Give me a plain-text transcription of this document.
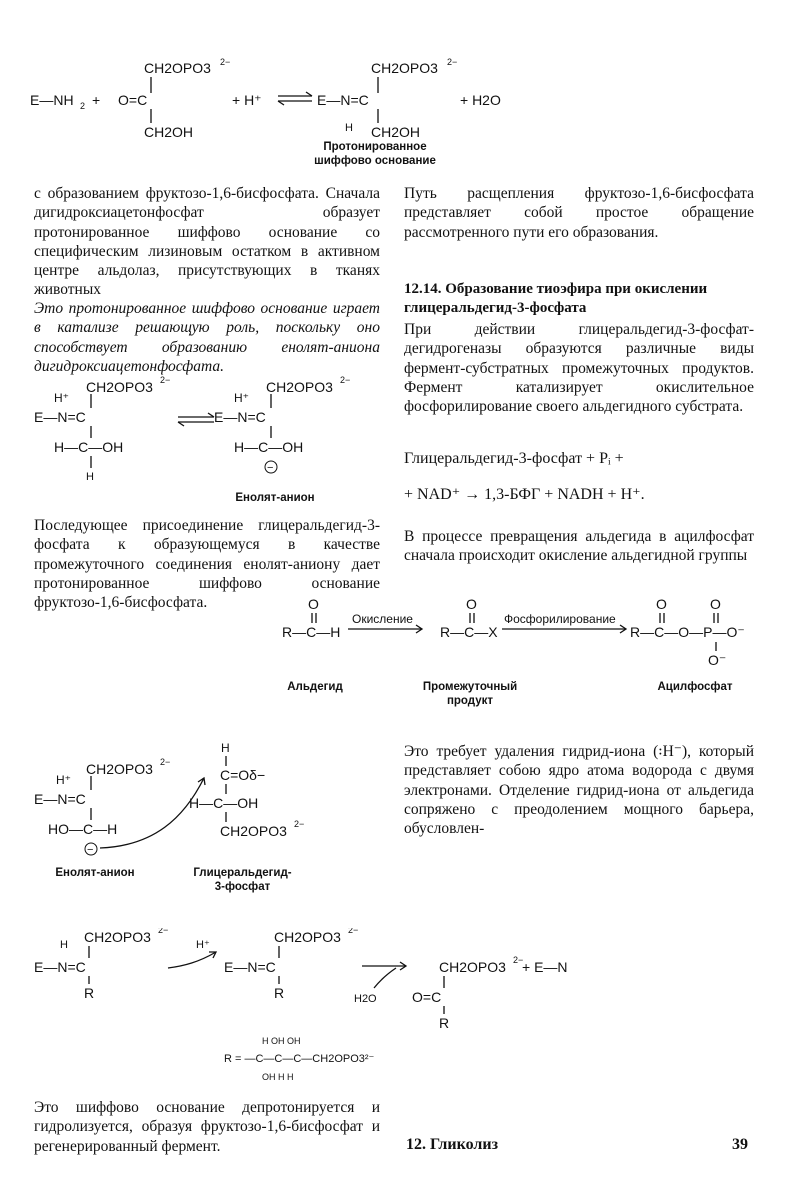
E—NH 2 + O=C
CH2OPO3 2−
CH2OH
+ H⁺	E—N=C
CH2OPO3 2−
H CH2OH
+ H2O
Протонированное
шиффово основание

с образованием фруктозо-1,6-бисфосфата. Сначала дигидроксиацетонфосфат образует протонированное шиффово основание со специфическим лизиновым остатком в активном центре альдолаз, присутствующих в тканях животных

Это протонированное шиффово основание играет в катализе решающую роль, поскольку оно способствует образованию енолят-аниона дигидроксиацетонфосфата.

H⁺
CH2OPO3 2−
E—N=C
H—C—OH
H
H⁺
CH2OPO3 2−
E—N=C
H—C—OH
−
Енолят-анион

Последующее присоединение глицеральдегид-3-фосфата к образующемуся в качестве промежуточного соединения енолят-аниону дает протонированное шиффово основание фруктозо-1,6-бисфосфата.

Путь расщепления фруктозо-1,6-бисфосфата представляет собой простое обращение рассмотренного пути его образования.

12.14. Образование тиоэфира при окислении глицеральдегид-3-фосфата

При действии глицеральдегид-3-фосфат-дегидрогеназы образуются различные виды фермент-субстратных промежуточных продуктов. Фермент катализирует окислительное фосфорилирование своего альдегидного субстрата.

Глицеральдегид-3-фосфат + Pᵢ +
+ NAD⁺ → 1,3-БФГ + NADH + H⁺.

В процессе превращения альдегида в ацилфосфат сначала происходит окисление альдегидной группы

O
R—C—H
Окисление
O
R—C—X
Фосфорилирование
O	O
R—C—O—P—O⁻
O⁻
Альдегид	Промежуточный
продукт
Ацилфосфат

Это требует удаления гидрид-иона (꞉H⁻), который представляет собою ядро атома водорода с двумя электронами. Отделение гидрид-иона от альдегида сопряжено с преодолением мощного барьера, обусловлен-

H
C=Oδ−
H—C—OH
CH2OPO3 2−
H⁺
CH2OPO3 2−
E—N=C
HO—C—H
−
Енолят-анион	Глицеральдегид-
3-фосфат
H CH2OPO3 2−
E—N=C
R
H⁺
E—N=C
CH2OPO3 2−
R	H2O
CH2OPO3 2−
O=C
R
+ E—N
H OH OH
R = —C—C—C—CH2OPO3²⁻
OH H H

Это шиффово основание депротонируется и гидролизуется, образуя фруктозо-1,6-бисфосфат и регенерированный фермент.	12. Гликолиз	39
